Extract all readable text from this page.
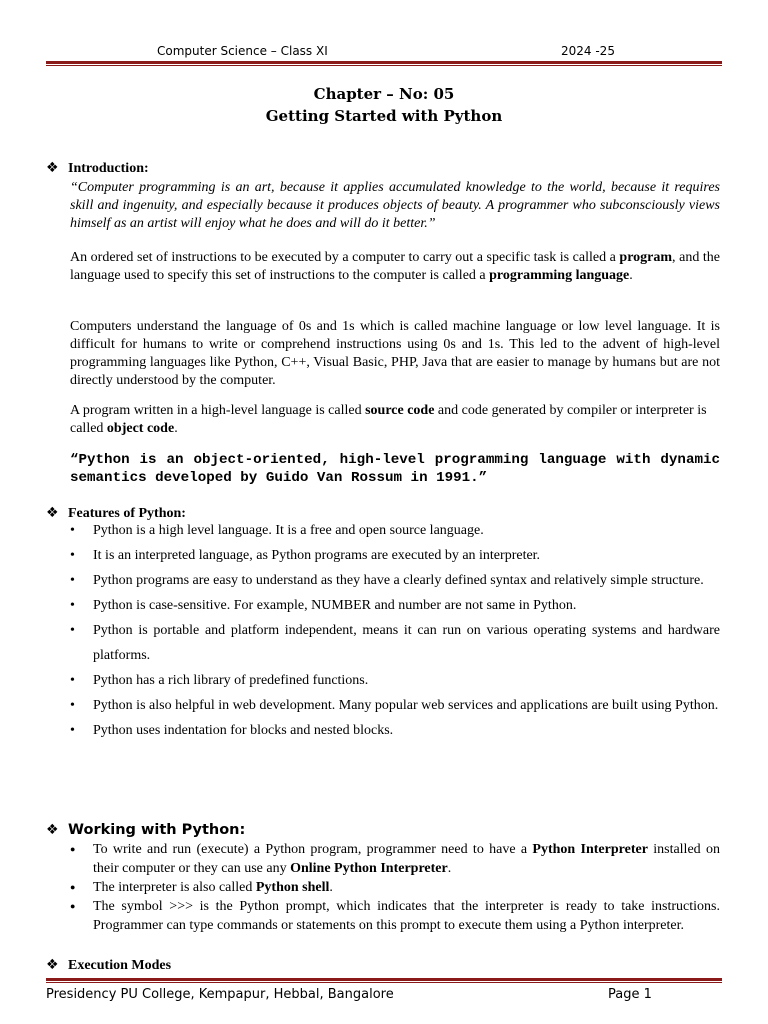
Computer Science – Class XI	2024 -25
Chapter – No: 05
Getting Started with Python
❖ Introduction:
“Computer programming is an art, because it applies accumulated knowledge to the world, because it requires skill and ingenuity, and especially because it produces objects of beauty. A programmer who subconsciously views himself as an artist will enjoy what he does and will do it better.”
An ordered set of instructions to be executed by a computer to carry out a specific task is called a program, and the language used to specify this set of instructions to the computer is called a programming language.
Computers understand the language of 0s and 1s which is called machine language or low level language. It is difficult for humans to write or comprehend instructions using 0s and 1s. This led to the advent of high-level programming languages like Python, C++, Visual Basic, PHP, Java that are easier to manage by humans but are not directly understood by the computer.
A program written in a high-level language is called source code and code generated by compiler or interpreter is called object code.
“Python is an object-oriented, high-level programming language with dynamic semantics developed by Guido Van Rossum in 1991.”
❖ Features of Python:
• Python is a high level language. It is a free and open source language.
• It is an interpreted language, as Python programs are executed by an interpreter.
• Python programs are easy to understand as they have a clearly defined syntax and relatively simple structure.
• Python is case-sensitive. For example, NUMBER and number are not same in Python.
• Python is portable and platform independent, means it can run on various operating systems and hardware platforms.
• Python has a rich library of predefined functions.
• Python is also helpful in web development. Many popular web services and applications are built using Python.
• Python uses indentation for blocks and nested blocks.
❖ Working with Python:
● To write and run (execute) a Python program, programmer need to have a Python Interpreter installed on their computer or they can use any Online Python Interpreter.
● The interpreter is also called Python shell.
● The symbol >>> is the Python prompt, which indicates that the interpreter is ready to take instructions. Programmer can type commands or statements on this prompt to execute them using a Python interpreter.
❖ Execution Modes
Presidency PU College, Kempapur, Hebbal, Bangalore	Page 1
